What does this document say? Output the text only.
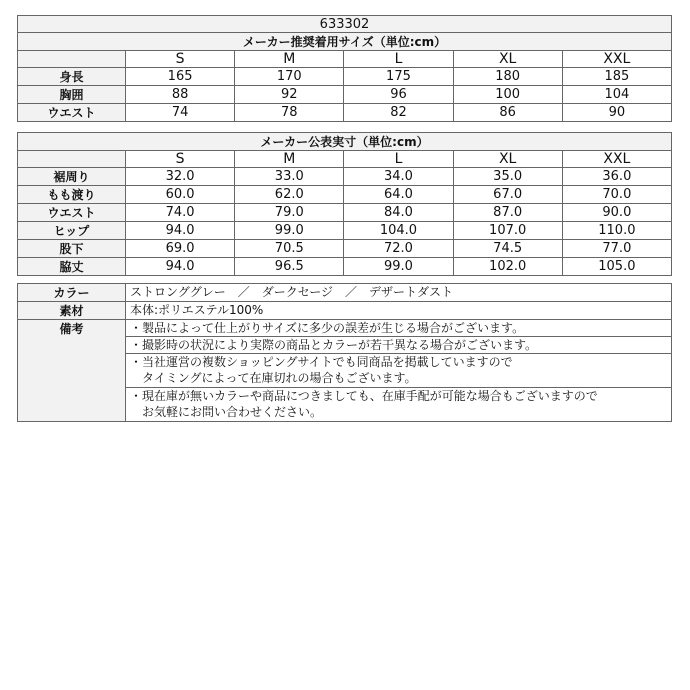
633302					
メーカー推奨着用サイズ（単位:cm）					
	S	M	L	XL	XXL
身長	165	170	175	180	185
胸囲	88	92	96	100	104
ウエスト	74	78	82	86	90
メーカー公表実寸（単位:cm）					
	S	M	L	XL	XXL
裾周り	32.0	33.0	34.0	35.0	36.0
もも渡り	60.0	62.0	64.0	67.0	70.0
ウエスト	74.0	79.0	84.0	87.0	90.0
ヒップ	94.0	99.0	104.0	107.0	110.0
股下	69.0	70.5	72.0	74.5	77.0
脇丈	94.0	96.5	99.0	102.0	105.0
カラー	ストロンググレー　／　ダークセージ　／　デザートダスト
素材	本体:ポリエステル100%
備考	・製品によって仕上がりサイズに多少の誤差が生じる場合がございます。

	・撮影時の状況により実際の商品とカラーが若干異なる場合がございます。

	・当社運営の複数ショッピングサイトでも同商品を掲載していますので
　タイミングによって在庫切れの場合もございます。

	・現在庫が無いカラーや商品につきましても、在庫手配が可能な場合もございますので
　お気軽にお問い合わせください。
